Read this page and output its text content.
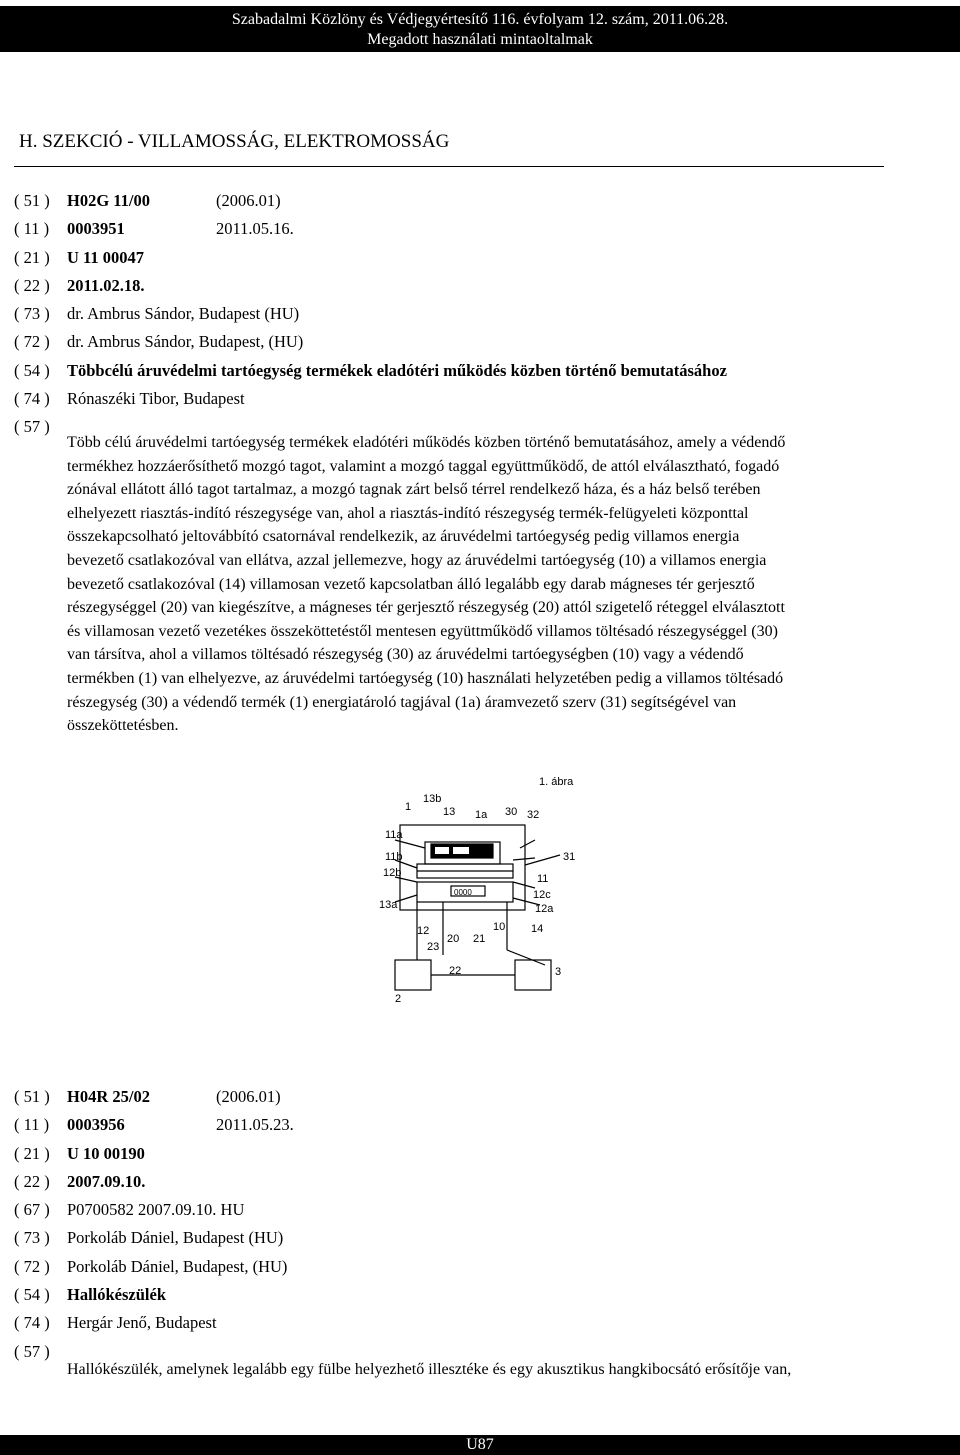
Szabadalmi Közlöny és Védjegyértesítő 116. évfolyam 12. szám, 2011.06.28.
Megadott használati mintaoltalmak
H. SZEKCIÓ - VILLAMOSSÁG, ELEKTROMOSSÁG
( 51 ) H02G 11/00	(2006.01)
( 11 ) 0003951	2011.05.16.
( 21 ) U 11 00047
( 22 ) 2011.02.18.
( 73 ) dr. Ambrus Sándor, Budapest (HU)
( 72 ) dr. Ambrus Sándor, Budapest, (HU)
( 54 ) Többcélú áruvédelmi tartóegység termékek eladótéri működés közben történő bemutatásához
( 74 ) Rónaszéki Tibor, Budapest
( 57 )
Több célú áruvédelmi tartóegység termékek eladótéri működés közben történő bemutatásához, amely a védendő
termékhez hozzáerősíthető mozgó tagot, valamint a mozgó taggal együttműködő, de attól elválasztható, fogadó
zónával ellátott álló tagot tartalmaz, a mozgó tagnak zárt belső térrel rendelkező háza, és a ház belső terében
elhelyezett riasztás-indító részegysége van, ahol a riasztás-indító részegység termék-felügyeleti központtal
összekapcsolható jeltovábbító csatornával rendelkezik, az áruvédelmi tartóegység pedig villamos energia
bevezető csatlakozóval van ellátva, azzal jellemezve, hogy az áruvédelmi tartóegység (10) a villamos energia
bevezető csatlakozóval (14) villamosan vezető kapcsolatban álló legalább egy darab mágneses tér gerjesztő
részegységgel (20) van kiegészítve, a mágneses tér gerjesztő részegység (20) attól szigetelő réteggel elválasztott
és villamosan vezető vezetékes összeköttetéstől mentesen együttműködő villamos töltésadó részegységgel (30)
van társítva, ahol a villamos töltésadó részegység (30) az áruvédelmi tartóegységben (10) vagy a védendő
termékben (1) van elhelyezve, az áruvédelmi tartóegység (10) használati helyzetében pedig a villamos töltésadó
részegység (30) a védendő termék (1) energiatároló tagjával (1a) áramvezető szerv (31) segítségével van
összeköttetésben.
1. ábra
0000
1
13b
13 1a 30 32
11a
31
11b
12b	11
12c
13a	12a
12	10 14
23
20 21
22	3
2
( 51 ) H04R 25/02	(2006.01)
( 11 ) 0003956	2011.05.23.
( 21 ) U 10 00190
( 22 ) 2007.09.10.
( 67 ) P0700582 2007.09.10. HU
( 73 ) Porkoláb Dániel, Budapest (HU)
( 72 ) Porkoláb Dániel, Budapest, (HU)
( 54 ) Hallókészülék
( 74 ) Hergár Jenő, Budapest
( 57 )
Hallókészülék, amelynek legalább egy fülbe helyezhető illesztéke és egy akusztikus hangkibocsátó erősítője van,
U87
